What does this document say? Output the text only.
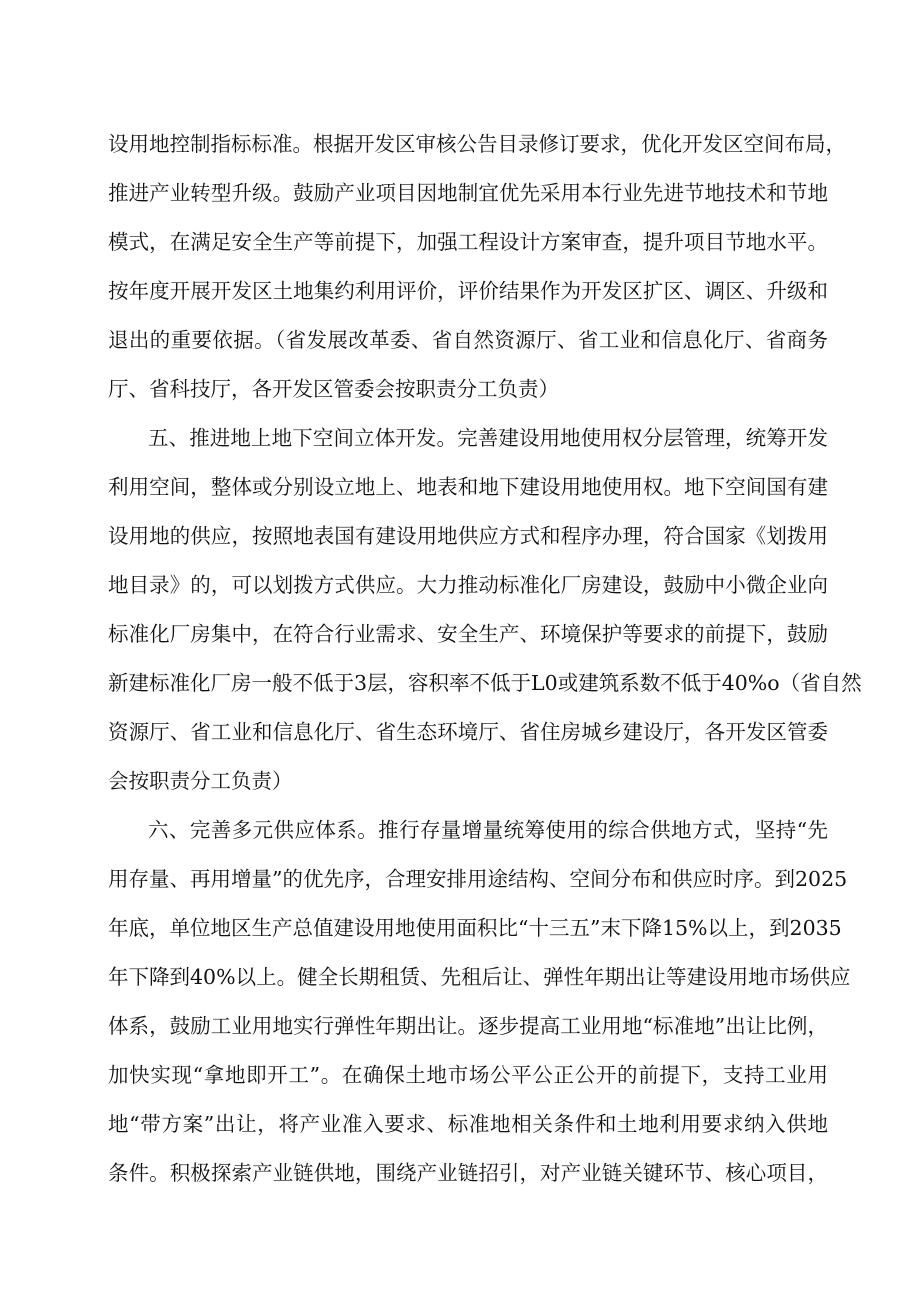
设用地控制指标标准。根据开发区审核公告目录修订要求，优化开发区空间布局，
推进产业转型升级。鼓励产业项目因地制宜优先采用本行业先进节地技术和节地
模式，在满足安全生产等前提下，加强工程设计方案审查，提升项目节地水平。
按年度开展开发区土地集约利用评价，评价结果作为开发区扩区、调区、升级和
退出的重要依据。（省发展改革委、省自然资源厅、省工业和信息化厅、省商务
厅、省科技厅，各开发区管委会按职责分工负责）
五、推进地上地下空间立体开发。完善建设用地使用权分层管理，统筹开发
利用空间，整体或分别设立地上、地表和地下建设用地使用权。地下空间国有建
设用地的供应，按照地表国有建设用地供应方式和程序办理，符合国家《划拨用
地目录》的，可以划拨方式供应。大力推动标准化厂房建设，鼓励中小微企业向
标准化厂房集中，在符合行业需求、安全生产、环境保护等要求的前提下，鼓励
新建标准化厂房一般不低于3层，容积率不低于L0或建筑系数不低于40%o（省自然
资源厅、省工业和信息化厅、省生态环境厅、省住房城乡建设厅，各开发区管委
会按职责分工负责）
六、完善多元供应体系。推行存量增量统筹使用的综合供地方式，坚持“先
用存量、再用增量”的优先序，合理安排用途结构、空间分布和供应时序。到2025
年底，单位地区生产总值建设用地使用面积比“十三五”末下降15%以上，到2035
年下降到40%以上。健全长期租赁、先租后让、弹性年期出让等建设用地市场供应
体系，鼓励工业用地实行弹性年期出让。逐步提高工业用地“标准地”出让比例，
加快实现“拿地即开工”。在确保土地市场公平公正公开的前提下，支持工业用
地“带方案”出让，将产业准入要求、标准地相关条件和土地利用要求纳入供地
条件。积极探索产业链供地，围绕产业链招引，对产业链关键环节、核心项目，
